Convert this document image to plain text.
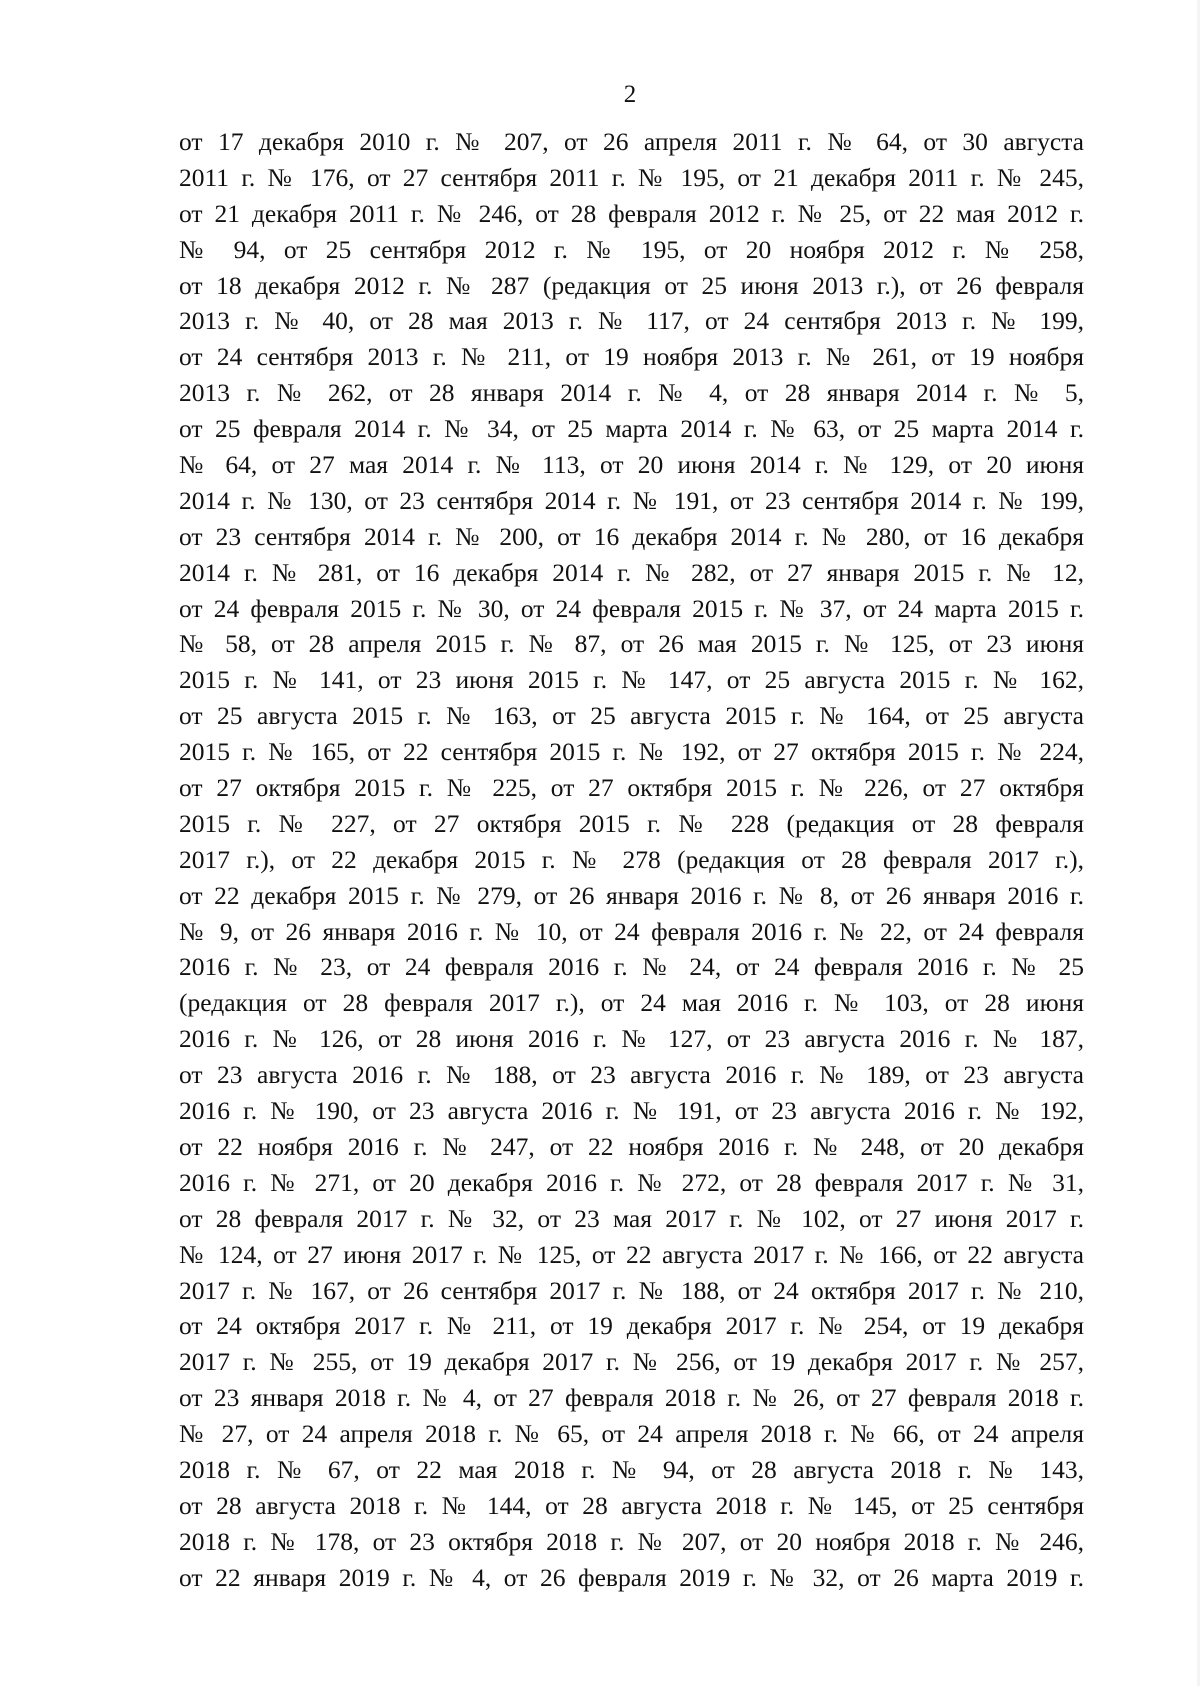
2
от 17 декабря 2010 г. № 207, от 26 апреля 2011 г. № 64, от 30 августа
2011 г. № 176, от 27 сентября 2011 г. № 195, от 21 декабря 2011 г. № 245,
от 21 декабря 2011 г. № 246, от 28 февраля 2012 г. № 25, от 22 мая 2012 г.
№ 94, от 25 сентября 2012 г. № 195, от 20 ноября 2012 г. № 258,
от 18 декабря 2012 г. № 287 (редакция от 25 июня 2013 г.), от 26 февраля
2013 г. № 40, от 28 мая 2013 г. № 117, от 24 сентября 2013 г. № 199,
от 24 сентября 2013 г. № 211, от 19 ноября 2013 г. № 261, от 19 ноября
2013 г. № 262, от 28 января 2014 г. № 4, от 28 января 2014 г. № 5,
от 25 февраля 2014 г. № 34, от 25 марта 2014 г. № 63, от 25 марта 2014 г.
№ 64, от 27 мая 2014 г. № 113, от 20 июня 2014 г. № 129, от 20 июня
2014 г. № 130, от 23 сентября 2014 г. № 191, от 23 сентября 2014 г. № 199,
от 23 сентября 2014 г. № 200, от 16 декабря 2014 г. № 280, от 16 декабря
2014 г. № 281, от 16 декабря 2014 г. № 282, от 27 января 2015 г. № 12,
от 24 февраля 2015 г. № 30, от 24 февраля 2015 г. № 37, от 24 марта 2015 г.
№ 58, от 28 апреля 2015 г. № 87, от 26 мая 2015 г. № 125, от 23 июня
2015 г. № 141, от 23 июня 2015 г. № 147, от 25 августа 2015 г. № 162,
от 25 августа 2015 г. № 163, от 25 августа 2015 г. № 164, от 25 августа
2015 г. № 165, от 22 сентября 2015 г. № 192, от 27 октября 2015 г. № 224,
от 27 октября 2015 г. № 225, от 27 октября 2015 г. № 226, от 27 октября
2015 г. № 227, от 27 октября 2015 г. № 228 (редакция от 28 февраля
2017 г.), от 22 декабря 2015 г. № 278 (редакция от 28 февраля 2017 г.),
от 22 декабря 2015 г. № 279, от 26 января 2016 г. № 8, от 26 января 2016 г.
№ 9, от 26 января 2016 г. № 10, от 24 февраля 2016 г. № 22, от 24 февраля
2016 г. № 23, от 24 февраля 2016 г. № 24, от 24 февраля 2016 г. № 25
(редакция от 28 февраля 2017 г.), от 24 мая 2016 г. № 103, от 28 июня
2016 г. № 126, от 28 июня 2016 г. № 127, от 23 августа 2016 г. № 187,
от 23 августа 2016 г. № 188, от 23 августа 2016 г. № 189, от 23 августа
2016 г. № 190, от 23 августа 2016 г. № 191, от 23 августа 2016 г. № 192,
от 22 ноября 2016 г. № 247, от 22 ноября 2016 г. № 248, от 20 декабря
2016 г. № 271, от 20 декабря 2016 г. № 272, от 28 февраля 2017 г. № 31,
от 28 февраля 2017 г. № 32, от 23 мая 2017 г. № 102, от 27 июня 2017 г.
№ 124, от 27 июня 2017 г. № 125, от 22 августа 2017 г. № 166, от 22 августа
2017 г. № 167, от 26 сентября 2017 г. № 188, от 24 октября 2017 г. № 210,
от 24 октября 2017 г. № 211, от 19 декабря 2017 г. № 254, от 19 декабря
2017 г. № 255, от 19 декабря 2017 г. № 256, от 19 декабря 2017 г. № 257,
от 23 января 2018 г. № 4, от 27 февраля 2018 г. № 26, от 27 февраля 2018 г.
№ 27, от 24 апреля 2018 г. № 65, от 24 апреля 2018 г. № 66, от 24 апреля
2018 г. № 67, от 22 мая 2018 г. № 94, от 28 августа 2018 г. № 143,
от 28 августа 2018 г. № 144, от 28 августа 2018 г. № 145, от 25 сентября
2018 г. № 178, от 23 октября 2018 г. № 207, от 20 ноября 2018 г. № 246,
от 22 января 2019 г. № 4, от 26 февраля 2019 г. № 32, от 26 марта 2019 г.
